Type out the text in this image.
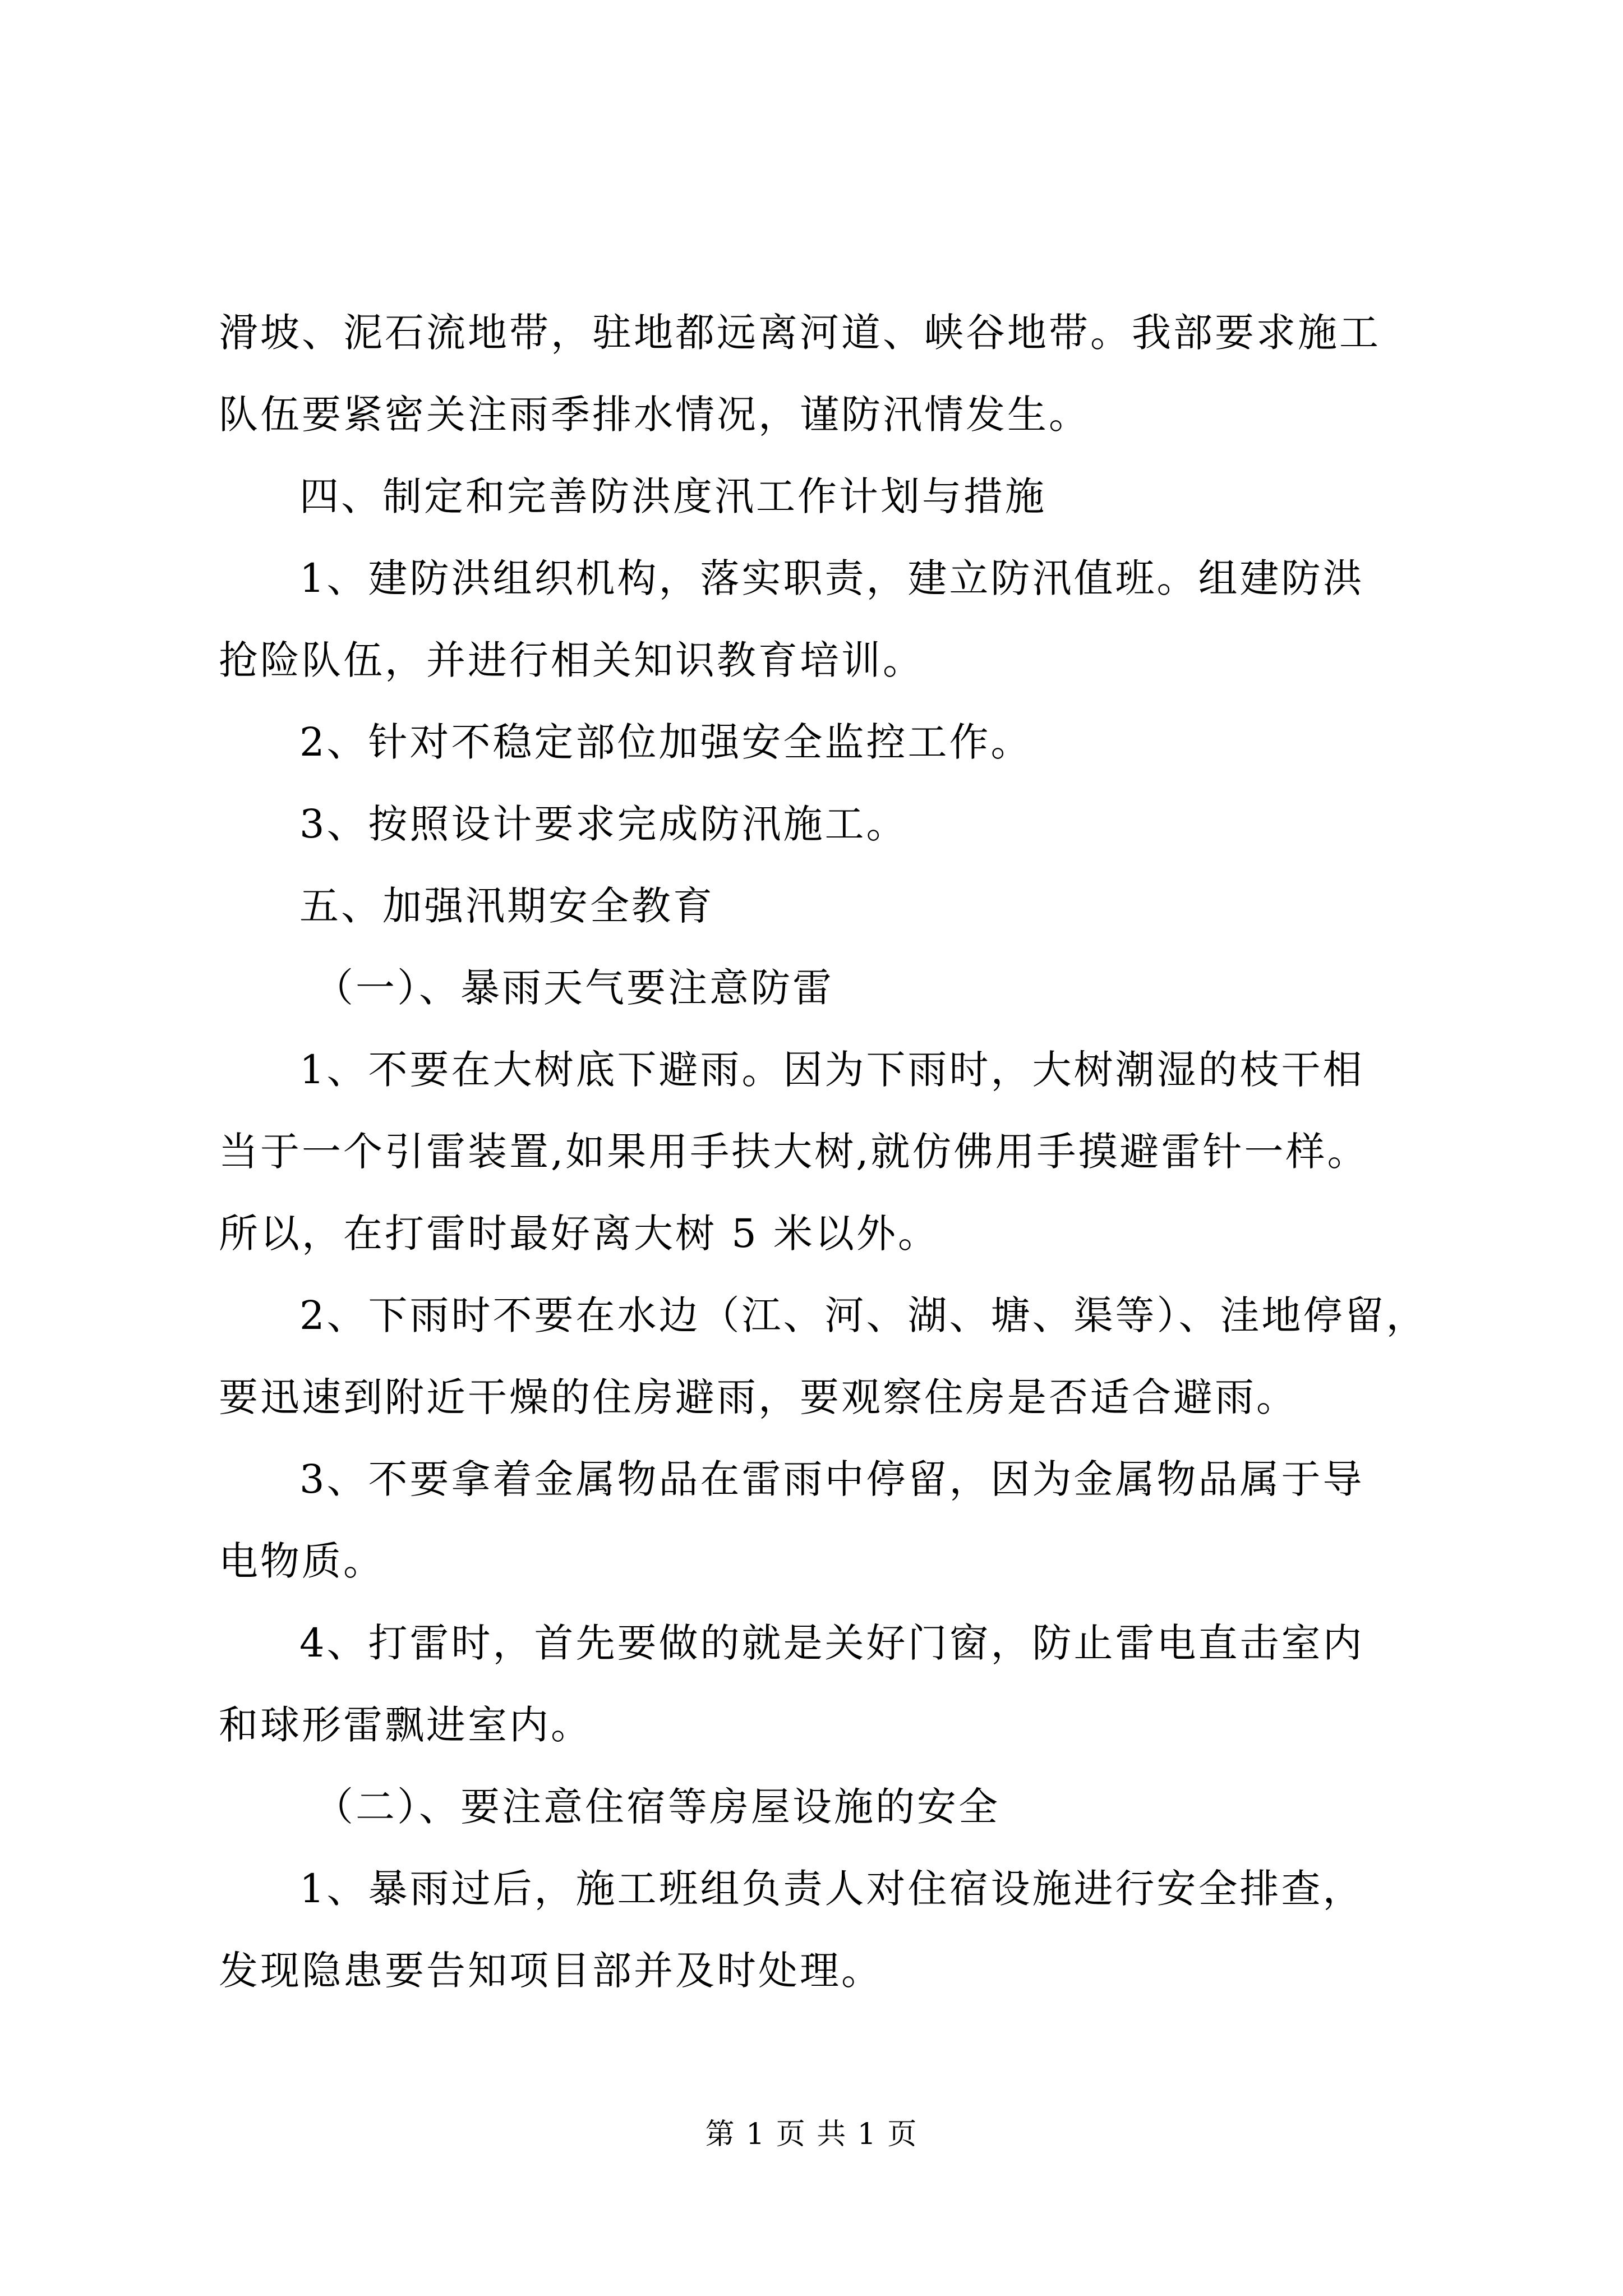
滑坡、泥石流地带，驻地都远离河道、峡谷地带。我部要求施工

队伍要紧密关注雨季排水情况，谨防汛情发生。

四、制定和完善防洪度汛工作计划与措施

1、建防洪组织机构，落实职责，建立防汛值班。组建防洪

抢险队伍，并进行相关知识教育培训。

2、针对不稳定部位加强安全监控工作。

3、按照设计要求完成防汛施工。

五、加强汛期安全教育

（一）、暴雨天气要注意防雷

1、不要在大树底下避雨。因为下雨时，大树潮湿的枝干相

当于一个引雷装置,如果用手扶大树,就仿佛用手摸避雷针一样。

所以，在打雷时最好离大树 5 米以外。

2、下雨时不要在水边（江、河、湖、塘、渠等）、洼地停留，

要迅速到附近干燥的住房避雨，要观察住房是否适合避雨。

3、不要拿着金属物品在雷雨中停留，因为金属物品属于导

电物质。

4、打雷时，首先要做的就是关好门窗，防止雷电直击室内

和球形雷飘进室内。

（二）、要注意住宿等房屋设施的安全

1、暴雨过后，施工班组负责人对住宿设施进行安全排查，

发现隐患要告知项目部并及时处理。

第 1 页 共 1 页
